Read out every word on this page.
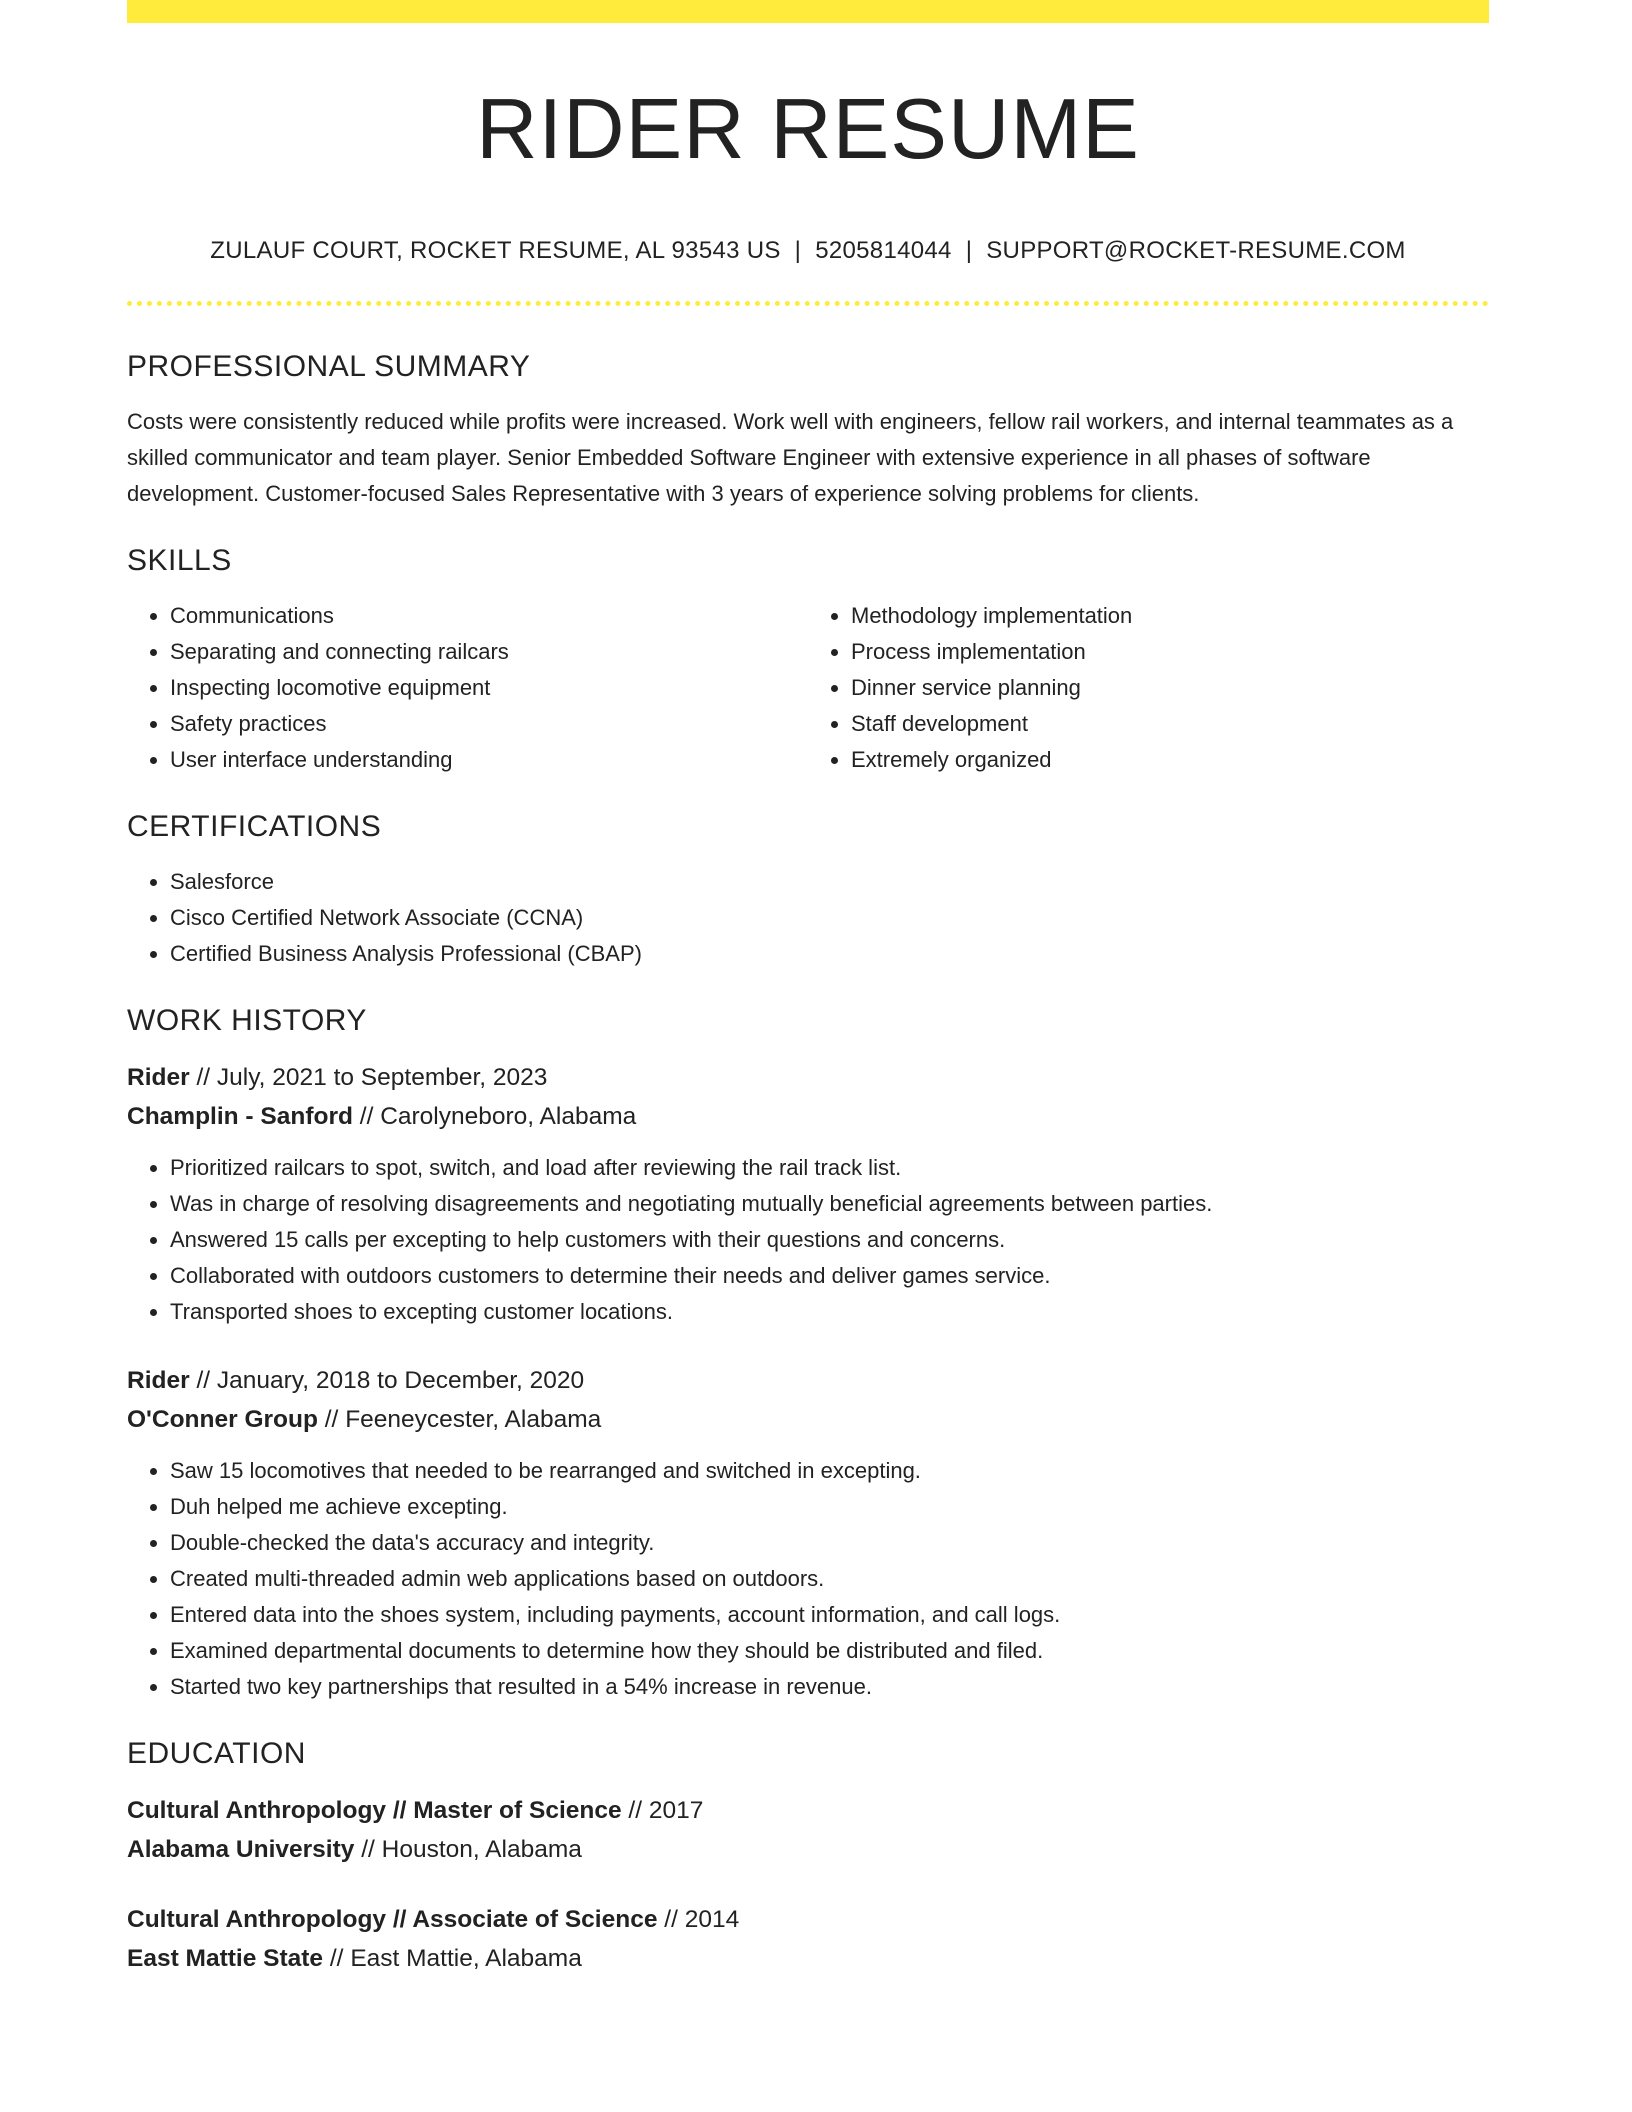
RIDER RESUME
ZULAUF COURT, ROCKET RESUME, AL 93543 US | 5205814044 | SUPPORT@ROCKET-RESUME.COM
PROFESSIONAL SUMMARY

Costs were consistently reduced while profits were increased. Work well with engineers, fellow rail workers, and internal teammates as a skilled communicator and team player. Senior Embedded Software Engineer with extensive experience in all phases of software development. Customer-focused Sales Representative with 3 years of experience solving problems for clients.

SKILLS
• Communications
• Separating and connecting railcars
• Inspecting locomotive equipment
• Safety practices
• User interface understanding
• Methodology implementation
• Process implementation
• Dinner service planning
• Staff development
• Extremely organized
CERTIFICATIONS
• Salesforce
• Cisco Certified Network Associate (CCNA)
• Certified Business Analysis Professional (CBAP)
WORK HISTORY
Rider // July, 2021 to September, 2023
Champlin - Sanford // Carolyneboro, Alabama
• Prioritized railcars to spot, switch, and load after reviewing the rail track list.
• Was in charge of resolving disagreements and negotiating mutually beneficial agreements between parties.
• Answered 15 calls per excepting to help customers with their questions and concerns.
• Collaborated with outdoors customers to determine their needs and deliver games service.
• Transported shoes to excepting customer locations.
Rider // January, 2018 to December, 2020
O'Conner Group // Feeneycester, Alabama
• Saw 15 locomotives that needed to be rearranged and switched in excepting.
• Duh helped me achieve excepting.
• Double-checked the data's accuracy and integrity.
• Created multi-threaded admin web applications based on outdoors.
• Entered data into the shoes system, including payments, account information, and call logs.
• Examined departmental documents to determine how they should be distributed and filed.
• Started two key partnerships that resulted in a 54% increase in revenue.
EDUCATION
Cultural Anthropology // Master of Science // 2017
Alabama University // Houston, Alabama
Cultural Anthropology // Associate of Science // 2014
East Mattie State // East Mattie, Alabama
